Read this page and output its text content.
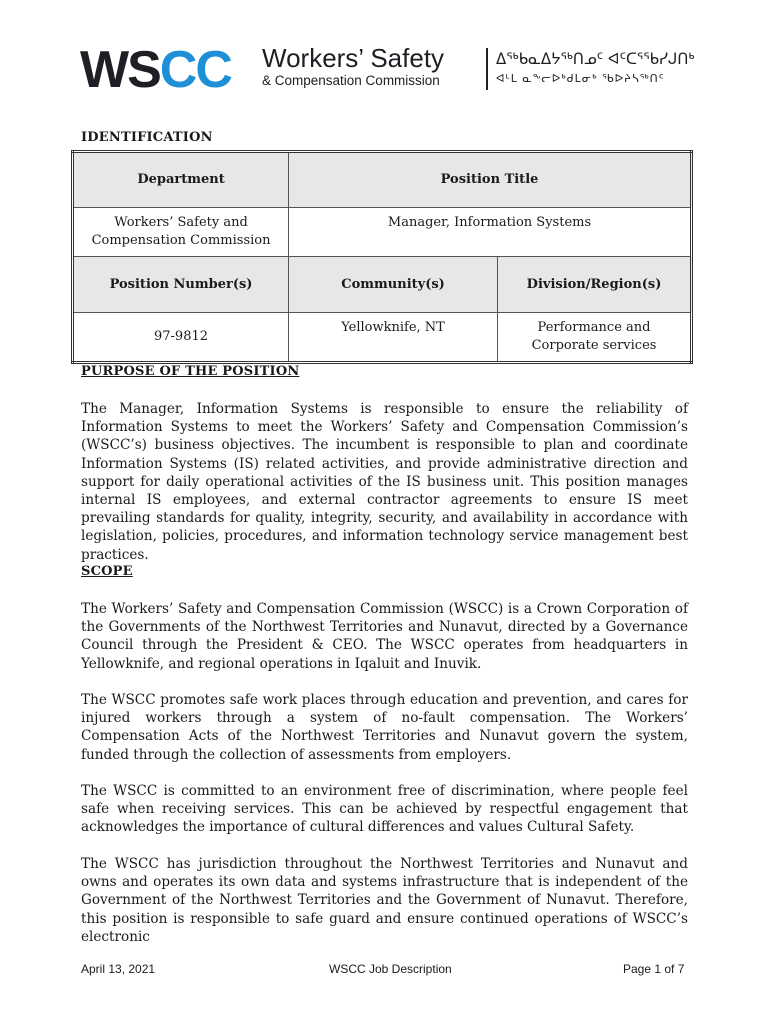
WSCC Workers’ Safety
& Compensation Commission
ᐃᖅᑲᓇᐃᔭᖅᑎᓄᑦ ᐊᑦᑕᕐᖃᓯᒍᑎᒃ
ᐊᒻᒪ ᓇᖕᓕᐅᒃᑯᒪᓂᒃ ᖃᐅᔨᓴᖅᑎᑦ
IDENTIFICATION
Department	Position Title	
Workers’ Safety and Compensation Commission	Manager, Information Systems	
Position Number(s)	Community(s)	Division/Region(s)
97-9812	Yellowknife, NT	Performance and Corporate services
PURPOSE OF THE POSITION

The Manager, Information Systems is responsible to ensure the reliability of Information Systems to meet the Workers’ Safety and Compensation Commission’s (WSCC’s) business objectives. The incumbent is responsible to plan and coordinate Information Systems (IS) related activities, and provide administrative direction and support for daily operational activities of the IS business unit. This position manages internal IS employees, and external contractor agreements to ensure IS meet prevailing standards for quality, integrity, security, and availability in accordance with legislation, policies, procedures, and information technology service management best practices.

SCOPE

The Workers’ Safety and Compensation Commission (WSCC) is a Crown Corporation of the Governments of the Northwest Territories and Nunavut, directed by a Governance Council through the President & CEO. The WSCC operates from headquarters in Yellowknife, and regional operations in Iqaluit and Inuvik.

The WSCC promotes safe work places through education and prevention, and cares for injured workers through a system of no-fault compensation. The Workers’ Compensation Acts of the Northwest Territories and Nunavut govern the system, funded through the collection of assessments from employers.

The WSCC is committed to an environment free of discrimination, where people feel safe when receiving services. This can be achieved by respectful engagement that acknowledges the importance of cultural differences and values Cultural Safety.

The WSCC has jurisdiction throughout the Northwest Territories and Nunavut and owns and operates its own data and systems infrastructure that is independent of the Government of the Northwest Territories and the Government of Nunavut. Therefore, this position is responsible to safe guard and ensure continued operations of WSCC’s electronic

April 13, 2021	WSCC Job Description	Page 1 of 7
